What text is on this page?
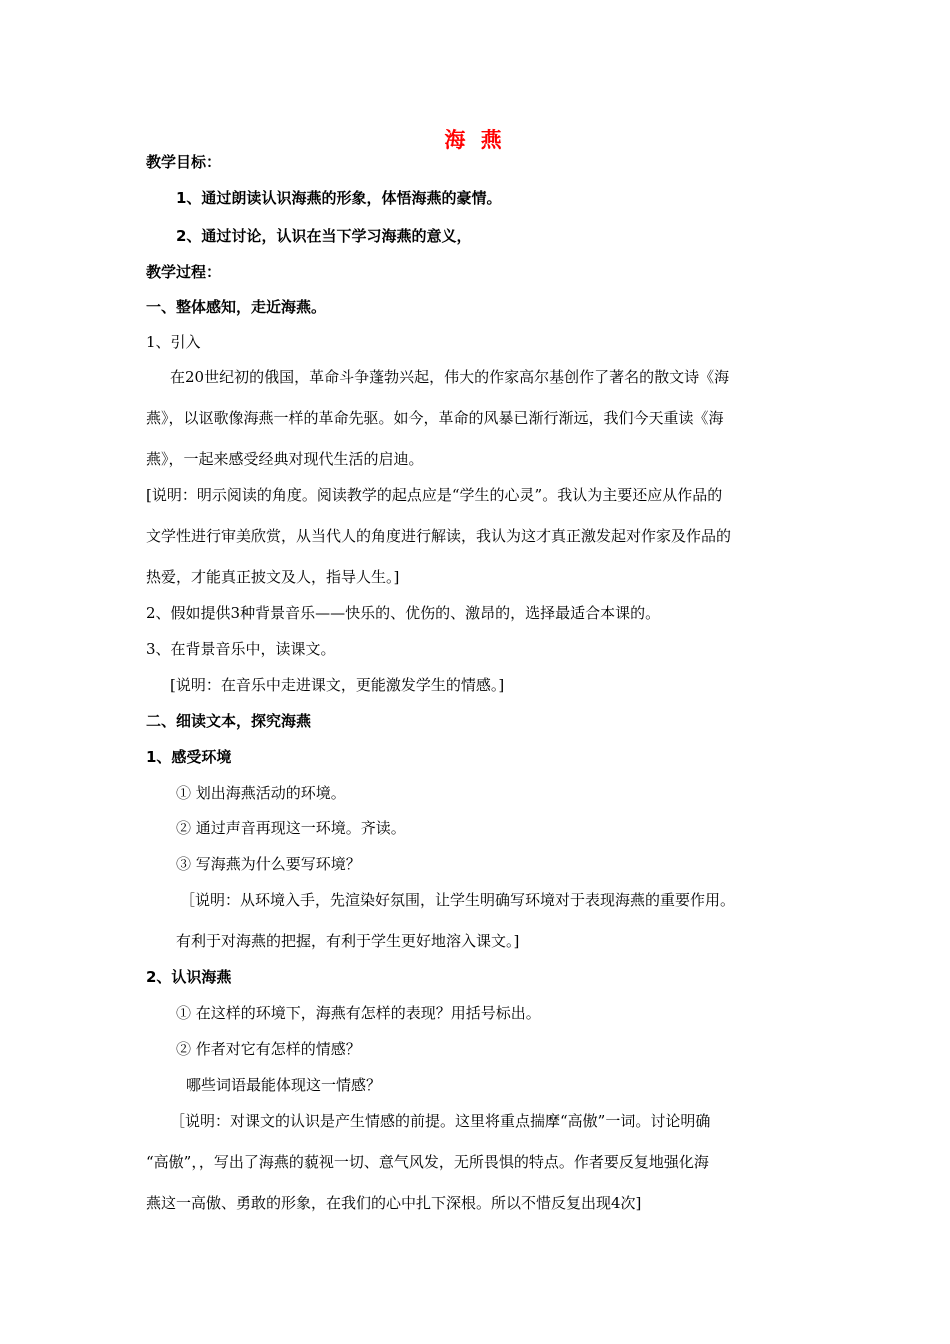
海 燕
教学目标：
1、通过朗读认识海燕的形象，体悟海燕的豪情。
2、通过讨论，认识在当下学习海燕的意义，
教学过程：
一、整体感知，走近海燕。
1、引入
在20世纪初的俄国，革命斗争蓬勃兴起，伟大的作家高尔基创作了著名的散文诗《海
燕》，以讴歌像海燕一样的革命先驱。如今，革命的风暴已渐行渐远，我们今天重读《海
燕》，一起来感受经典对现代生活的启迪。
[说明：明示阅读的角度。阅读教学的起点应是“学生的心灵”。我认为主要还应从作品的
文学性进行审美欣赏，从当代人的角度进行解读，我认为这才真正激发起对作家及作品的
热爱，才能真正披文及人，指导人生。]
2、假如提供3种背景音乐——快乐的、优伤的、激昂的，选择最适合本课的。
3、在背景音乐中，读课文。
[说明：在音乐中走进课文，更能激发学生的情感。]
二、细读文本，探究海燕
1、感受环境
① 划出海燕活动的环境。
② 通过声音再现这一环境。齐读。
③ 写海燕为什么要写环境？
［说明：从环境入手，先渲染好氛围，让学生明确写环境对于表现海燕的重要作用。
有利于对海燕的把握，有利于学生更好地溶入课文。]
2、认识海燕
① 在这样的环境下，海燕有怎样的表现？用括号标出。
② 作者对它有怎样的情感？
哪些词语最能体现这一情感？
［说明：对课文的认识是产生情感的前提。这里将重点揣摩“高傲”一词。讨论明确
“高傲”，，写出了海燕的藐视一切、意气风发，无所畏惧的特点。作者要反复地强化海
燕这一高傲、勇敢的形象，在我们的心中扎下深根。所以不惜反复出现4次]
